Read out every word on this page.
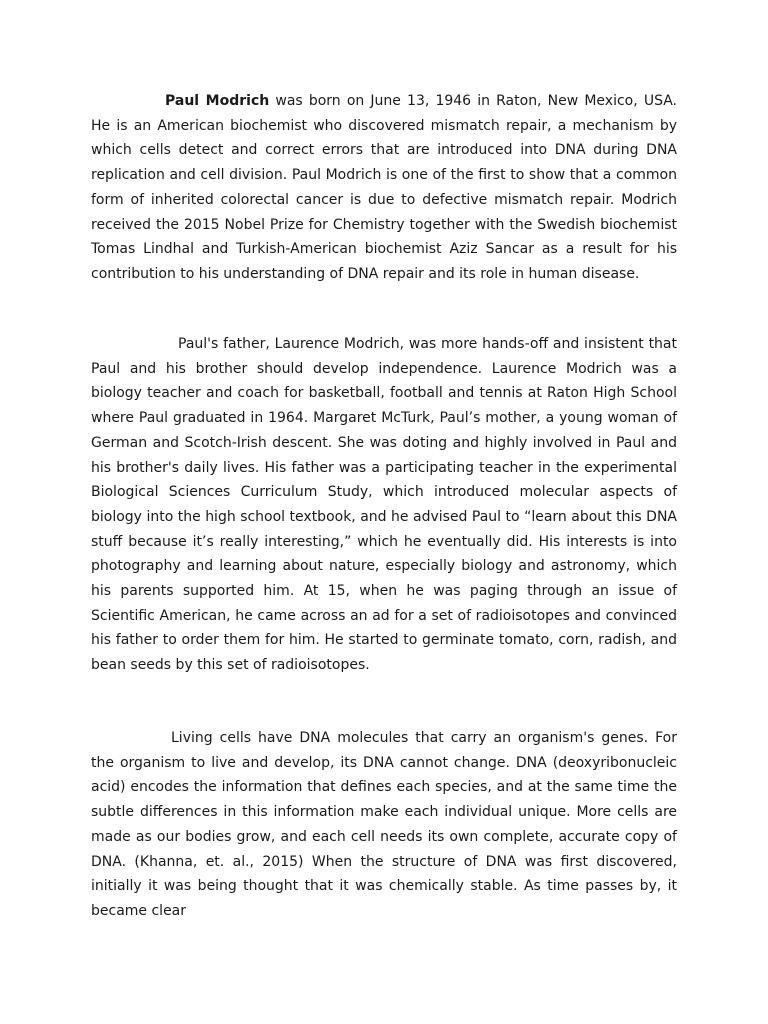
Paul Modrich was born on June 13, 1946 in Raton, New Mexico, USA. He is an American biochemist who discovered mismatch repair, a mechanism by which cells detect and correct errors that are introduced into DNA during DNA replication and cell division. Paul Modrich is one of the first to show that a common form of inherited colorectal cancer is due to defective mismatch repair. Modrich received the 2015 Nobel Prize for Chemistry together with the Swedish biochemist Tomas Lindhal and Turkish-American biochemist Aziz Sancar as a result for his contribution to his understanding of DNA repair and its role in human disease.

Paul's father, Laurence Modrich, was more hands-off and insistent that Paul and his brother should develop independence. Laurence Modrich was a biology teacher and coach for basketball, football and tennis at Raton High School where Paul graduated in 1964. Margaret McTurk, Paul’s mother, a young woman of German and Scotch-Irish descent. She was doting and highly involved in Paul and his brother's daily lives. His father was a participating teacher in the experimental Biological Sciences Curriculum Study, which introduced molecular aspects of biology into the high school textbook, and he advised Paul to “learn about this DNA stuff because it’s really interesting,” which he eventually did. His interests is into photography and learning about nature, especially biology and astronomy, which his parents supported him. At 15, when he was paging through an issue of Scientific American, he came across an ad for a set of radioisotopes and convinced his father to order them for him. He started to germinate tomato, corn, radish, and bean seeds by this set of radioisotopes.

Living cells have DNA molecules that carry an organism's genes. For the organism to live and develop, its DNA cannot change. DNA (deoxyribonucleic acid) encodes the information that defines each species, and at the same time the subtle differences in this information make each individual unique. More cells are made as our bodies grow, and each cell needs its own complete, accurate copy of DNA. (Khanna, et. al., 2015) When the structure of DNA was first discovered, initially it was being thought that it was chemically stable. As time passes by, it became clear
